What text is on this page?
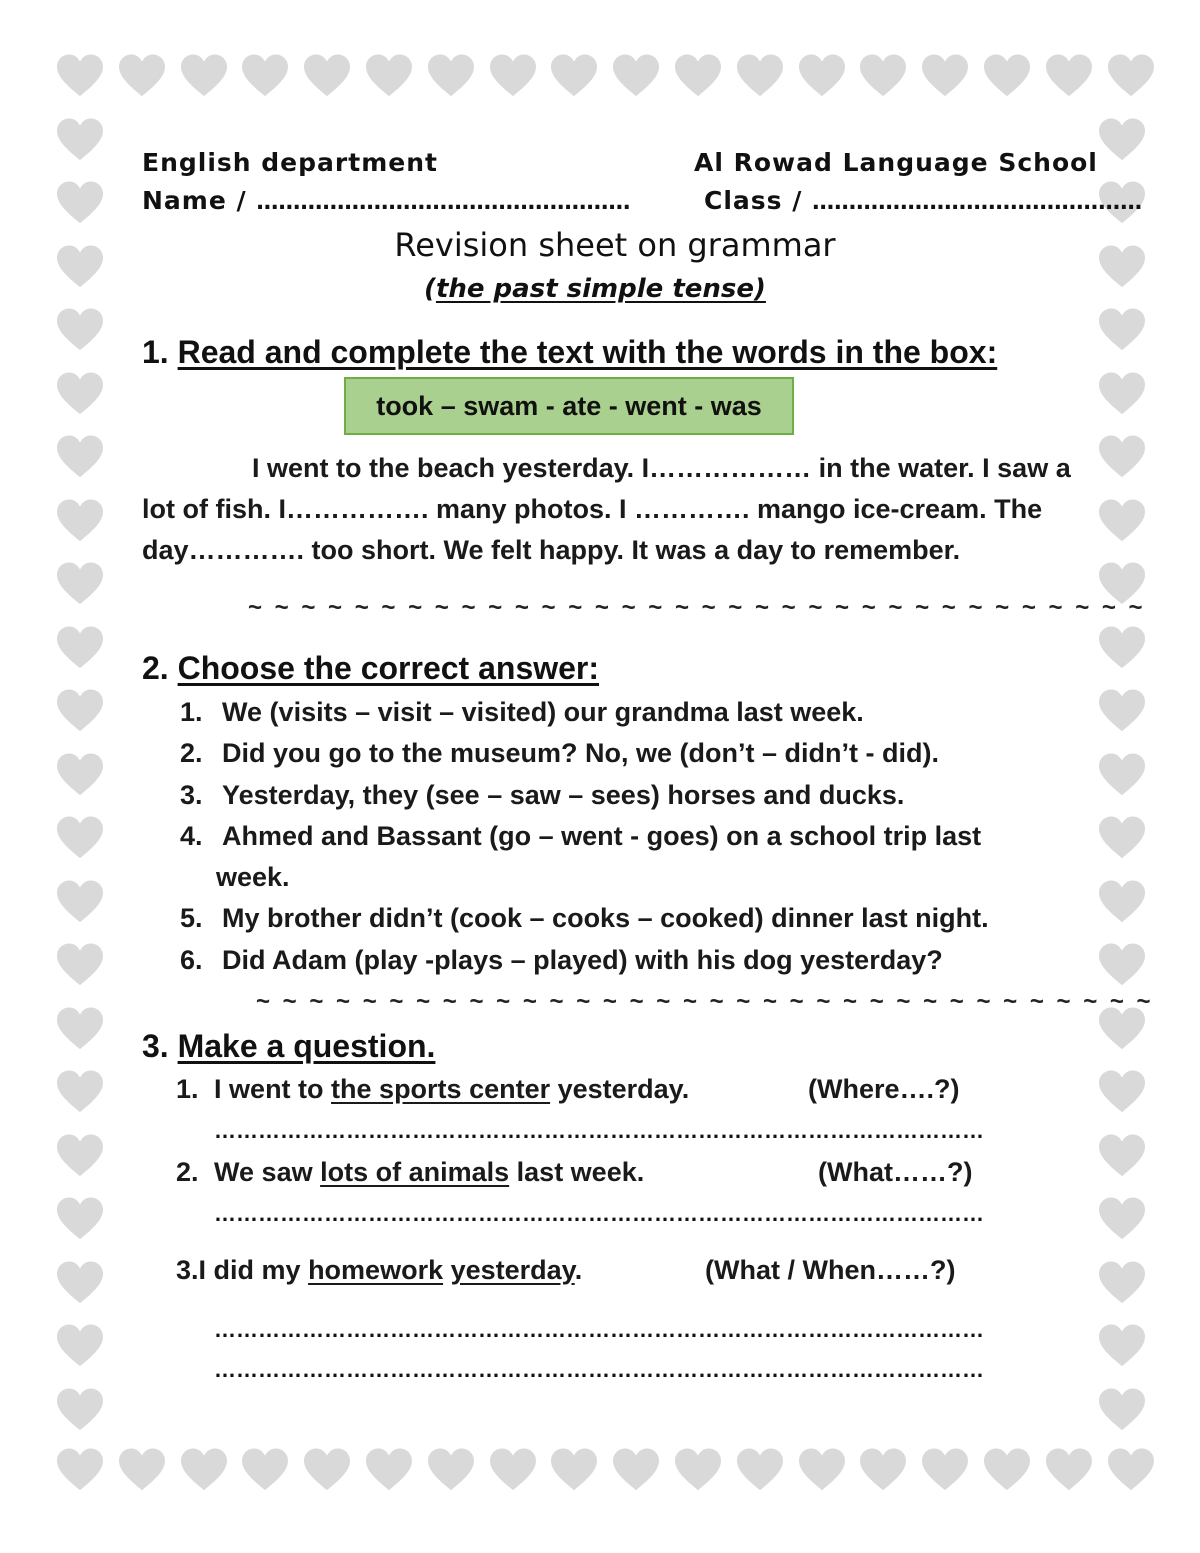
English department	Al Rowad Language School
Name / ……………………………………………	Class / ………………………………………
Revision sheet on grammar
(the past simple tense)
1. Read and complete the text with the words in the box:
took – swam - ate - went - was
I went to the beach yesterday. I……………… in the water. I saw a
lot of fish. I……………. many photos. I …………. mango ice-cream. The
day…………. too short. We felt happy. It was a day to remember.
~ ~ ~ ~ ~ ~ ~ ~ ~ ~ ~ ~ ~ ~ ~ ~ ~ ~ ~ ~ ~ ~ ~ ~ ~ ~ ~ ~ ~ ~ ~ ~ ~ ~
2. Choose the correct answer:
1. We (visits – visit – visited) our grandma last week.
2. Did you go to the museum? No, we (don’t – didn’t - did).
3. Yesterday, they (see – saw – sees) horses and ducks.
4. Ahmed and Bassant (go – went - goes) on a school trip last
week.
5. My brother didn’t (cook – cooks – cooked) dinner last night.
6. Did Adam (play -plays – played) with his dog yesterday?
~ ~ ~ ~ ~ ~ ~ ~ ~ ~ ~ ~ ~ ~ ~ ~ ~ ~ ~ ~ ~ ~ ~ ~ ~ ~ ~ ~ ~ ~ ~ ~ ~ ~
3. Make a question.
1. I went to the sports center yesterday.	(Where….?)
……………………………………………………………………………………………
2. We saw lots of animals last week.	(What……?)
……………………………………………………………………………………………
3.I did my homework yesterday.	(What / When……?)
……………………………………………………………………………………………
……………………………………………………………………………………………
